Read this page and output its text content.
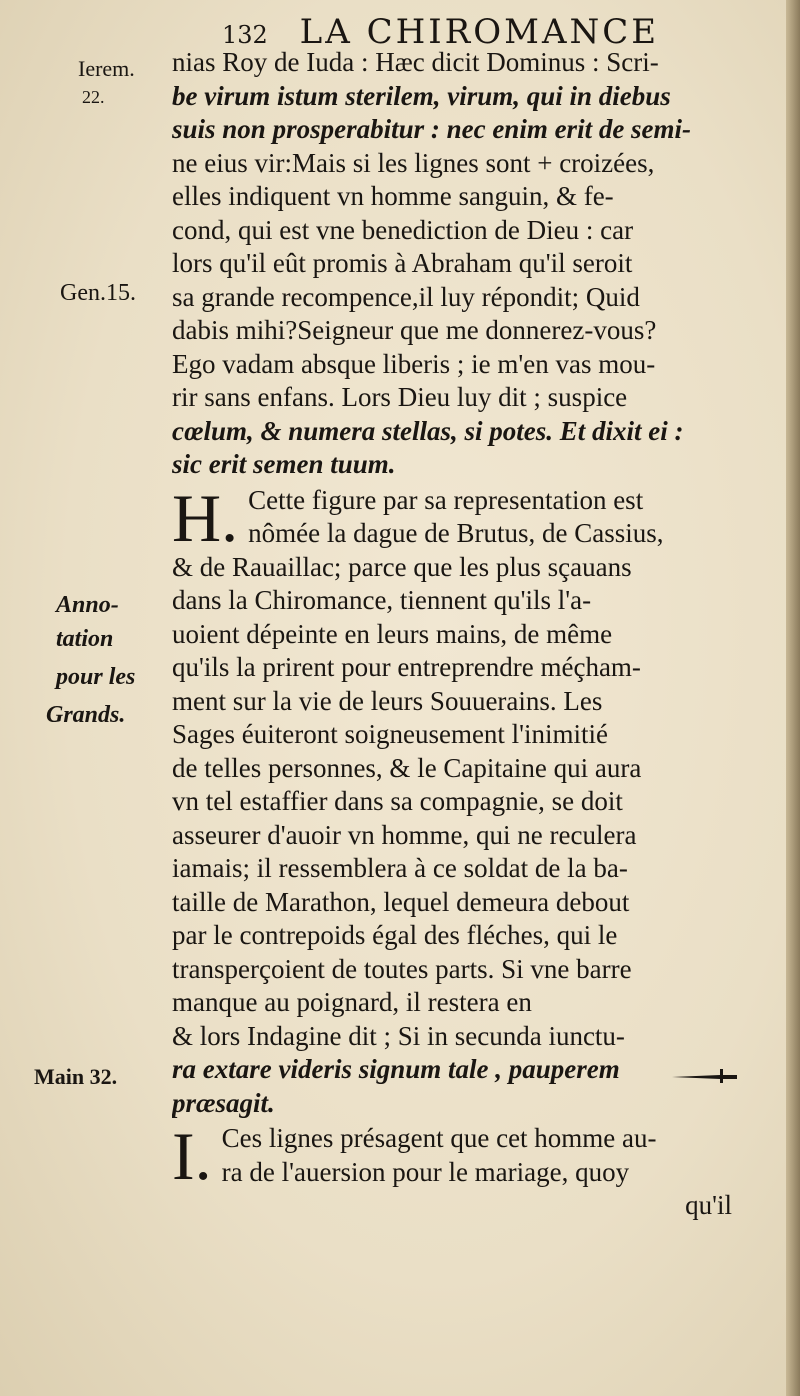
132 LA CHIROMANCE
Ierem.
22.
Gen.15.
Anno-
tation
pour les
Grands.
Main 32.
nias Roy de Iuda : Hæc dicit Dominus : Scri-
be virum istum sterilem, virum, qui in diebus
suis non prosperabitur : nec enim erit de semi-
ne eius vir:Mais si les lignes sont + croizées,
elles indiquent vn homme sanguin, & fe-
cond, qui est vne benediction de Dieu : car
lors qu'il eût promis à Abraham qu'il seroit
sa grande recompence,il luy répondit; Quid
dabis mihi?Seigneur que me donnerez-vous?
Ego vadam absque liberis ; ie m'en vas mou-
rir sans enfans. Lors Dieu luy dit ; suspice
cœlum, & numera stellas, si potes. Et dixit ei :
sic erit semen tuum.
H. Cette figure par sa representation est
nômée la dague de Brutus, de Cassius,
& de Rauaillac; parce que les plus sçauans
dans la Chiromance, tiennent qu'ils l'a-
uoient dépeinte en leurs mains, de même
qu'ils la prirent pour entreprendre méçham-
ment sur la vie de leurs Souuerains. Les
Sages éuiteront soigneusement l'inimitié
de telles personnes, & le Capitaine qui aura
vn tel estaffier dans sa compagnie, se doit
asseurer d'auoir vn homme, qui ne reculera
iamais; il ressemblera à ce soldat de la ba-
taille de Marathon, lequel demeura debout
par le contrepoids égal des fléches, qui le
transperçoient de toutes parts. Si vne barre
manque au poignard, il restera en
& lors Indagine dit ; Si in secunda iunctu-
ra extare videris signum tale , pauperem
præsagit.
I. Ces lignes présagent que cet homme au-
ra de l'auersion pour le mariage, quoy
qu'il
